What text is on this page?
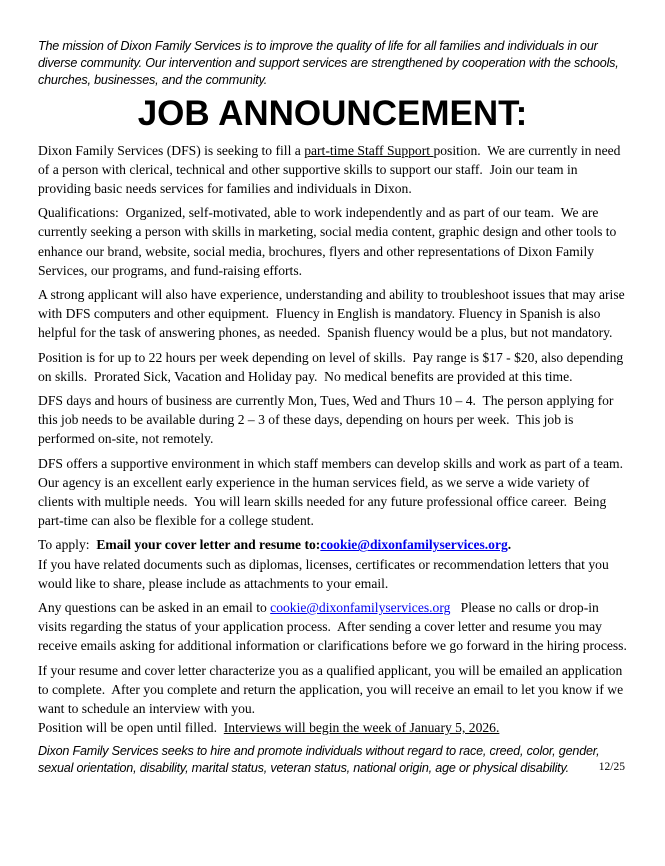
The mission of Dixon Family Services is to improve the quality of life for all families and individuals in our diverse community. Our intervention and support services are strengthened by cooperation with the schools, churches, businesses, and the community.

JOB ANNOUNCEMENT:

Dixon Family Services (DFS) is seeking to fill a part-time Staff Support position.  We are currently in need of a person with clerical, technical and other supportive skills to support our staff.  Join our team in providing basic needs services for families and individuals in Dixon.

Qualifications:  Organized, self-motivated, able to work independently and as part of our team.  We are currently seeking a person with skills in marketing, social media content, graphic design and other tools to enhance our brand, website, social media, brochures, flyers and other representations of Dixon Family Services, our programs, and fund-raising efforts.

A strong applicant will also have experience, understanding and ability to troubleshoot issues that may arise with DFS computers and other equipment.  Fluency in English is mandatory. Fluency in Spanish is also helpful for the task of answering phones, as needed.  Spanish fluency would be a plus, but not mandatory.

Position is for up to 22 hours per week depending on level of skills.  Pay range is $17 - $20, also depending on skills.  Prorated Sick, Vacation and Holiday pay.  No medical benefits are provided at this time.

DFS days and hours of business are currently Mon, Tues, Wed and Thurs 10 – 4.  The person applying for this job needs to be available during 2 – 3 of these days, depending on hours per week.  This job is performed on-site, not remotely.

DFS offers a supportive environment in which staff members can develop skills and work as part of a team.  Our agency is an excellent early experience in the human services field, as we serve a wide variety of clients with multiple needs.  You will learn skills needed for any future professional office career.  Being part-time can also be flexible for a college student.

To apply:  Email your cover letter and resume to:cookie@dixonfamilyservices.org.
If you have related documents such as diplomas, licenses, certificates or recommendation letters that you would like to share, please include as attachments to your email.

Any questions can be asked in an email to cookie@dixonfamilyservices.org   Please no calls or drop-in visits regarding the status of your application process.  After sending a cover letter and resume you may receive emails asking for additional information or clarifications before we go forward in the hiring process.

If your resume and cover letter characterize you as a qualified applicant, you will be emailed an application to complete.  After you complete and return the application, you will receive an email to let you know if we want to schedule an interview with you.
Position will be open until filled.  Interviews will begin the week of January 5, 2026.

Dixon Family Services seeks to hire and promote individuals without regard to race, creed, color, gender, sexual orientation, disability, marital status, veteran status, national origin, age or physical disability.	12/25
